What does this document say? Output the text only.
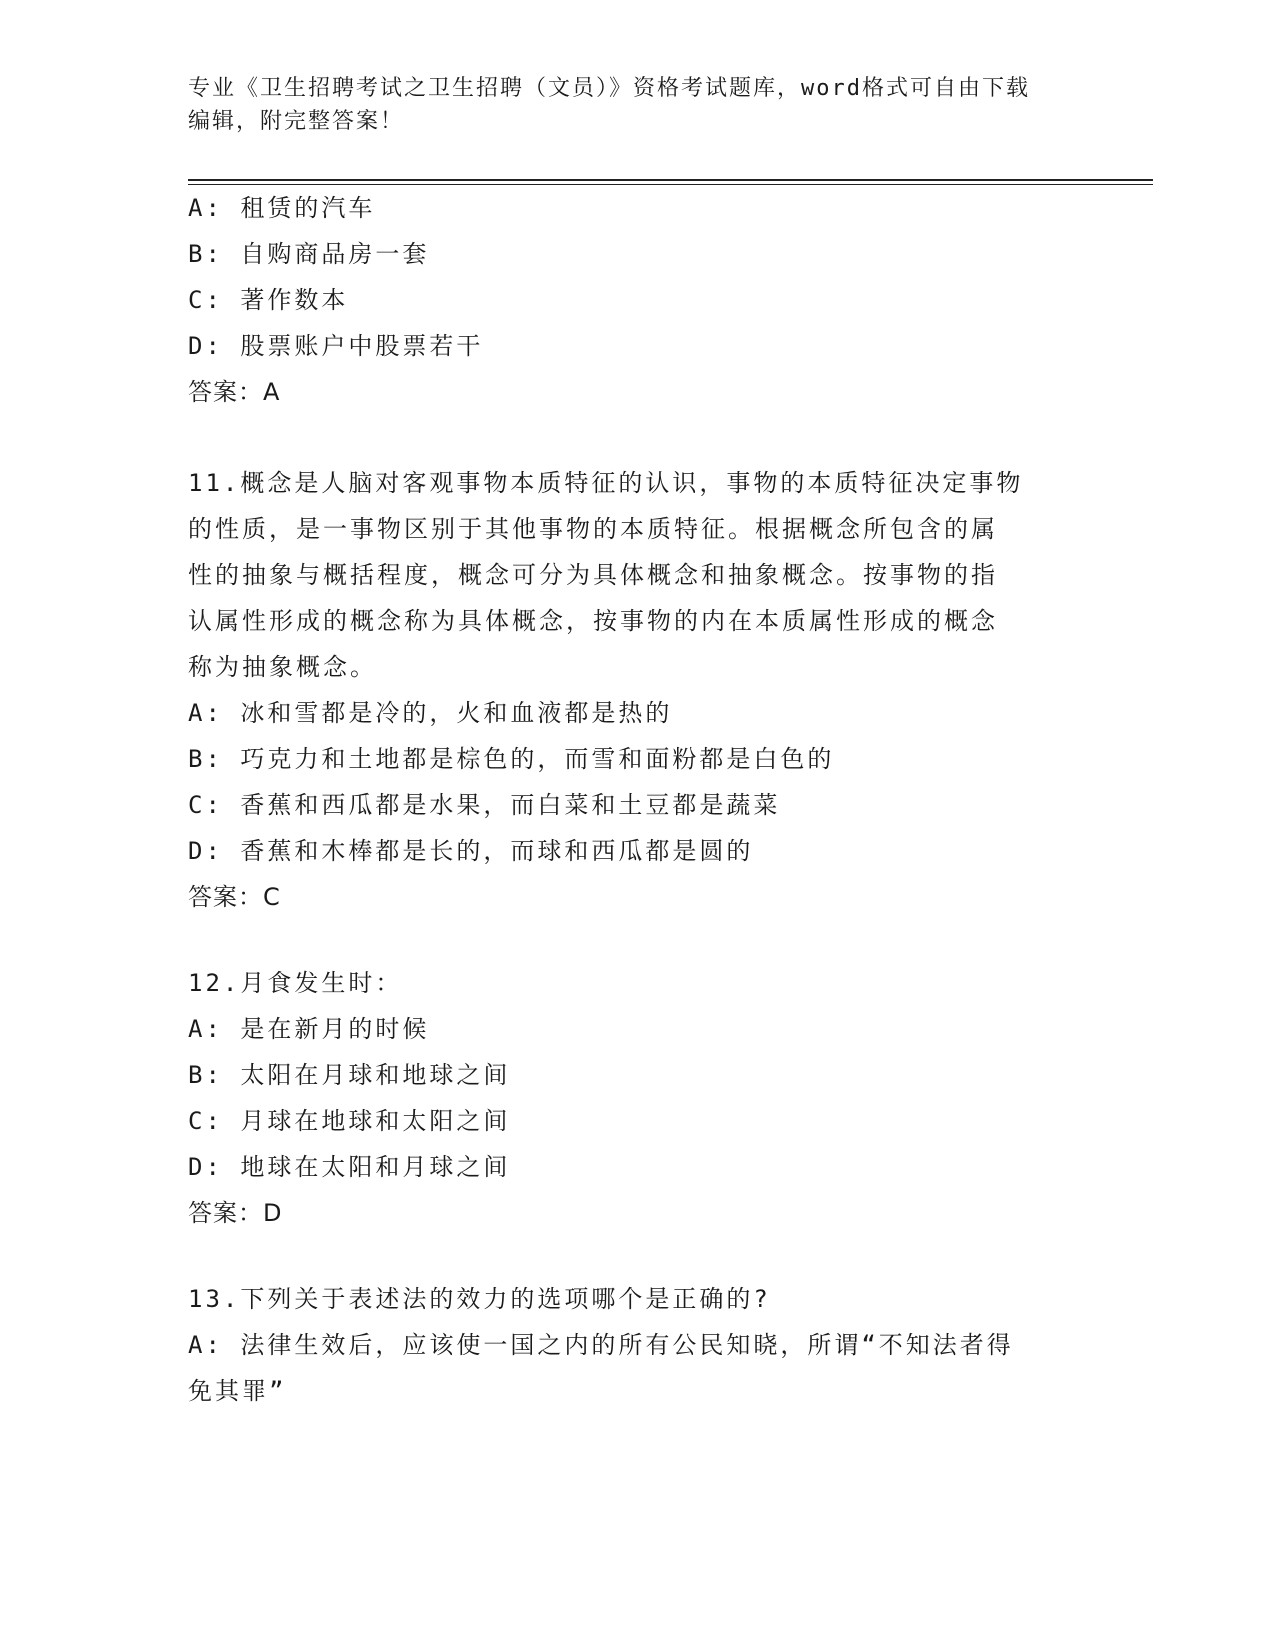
专业《卫生招聘考试之卫生招聘（文员）》资格考试题库，word格式可自由下载
编辑，附完整答案！
A: 租赁的汽车
B: 自购商品房一套
C: 著作数本
D: 股票账户中股票若干
答案：A
11.概念是人脑对客观事物本质特征的认识，事物的本质特征决定事物
的性质，是一事物区别于其他事物的本质特征。根据概念所包含的属
性的抽象与概括程度，概念可分为具体概念和抽象概念。按事物的指
认属性形成的概念称为具体概念，按事物的内在本质属性形成的概念
称为抽象概念。
A: 冰和雪都是冷的，火和血液都是热的
B: 巧克力和土地都是棕色的，而雪和面粉都是白色的
C: 香蕉和西瓜都是水果，而白菜和土豆都是蔬菜
D: 香蕉和木棒都是长的，而球和西瓜都是圆的
答案：C
12.月食发生时：
A: 是在新月的时候
B: 太阳在月球和地球之间
C: 月球在地球和太阳之间
D: 地球在太阳和月球之间
答案：D
13.下列关于表述法的效力的选项哪个是正确的?
A: 法律生效后，应该使一国之内的所有公民知晓，所谓“不知法者得
免其罪”
